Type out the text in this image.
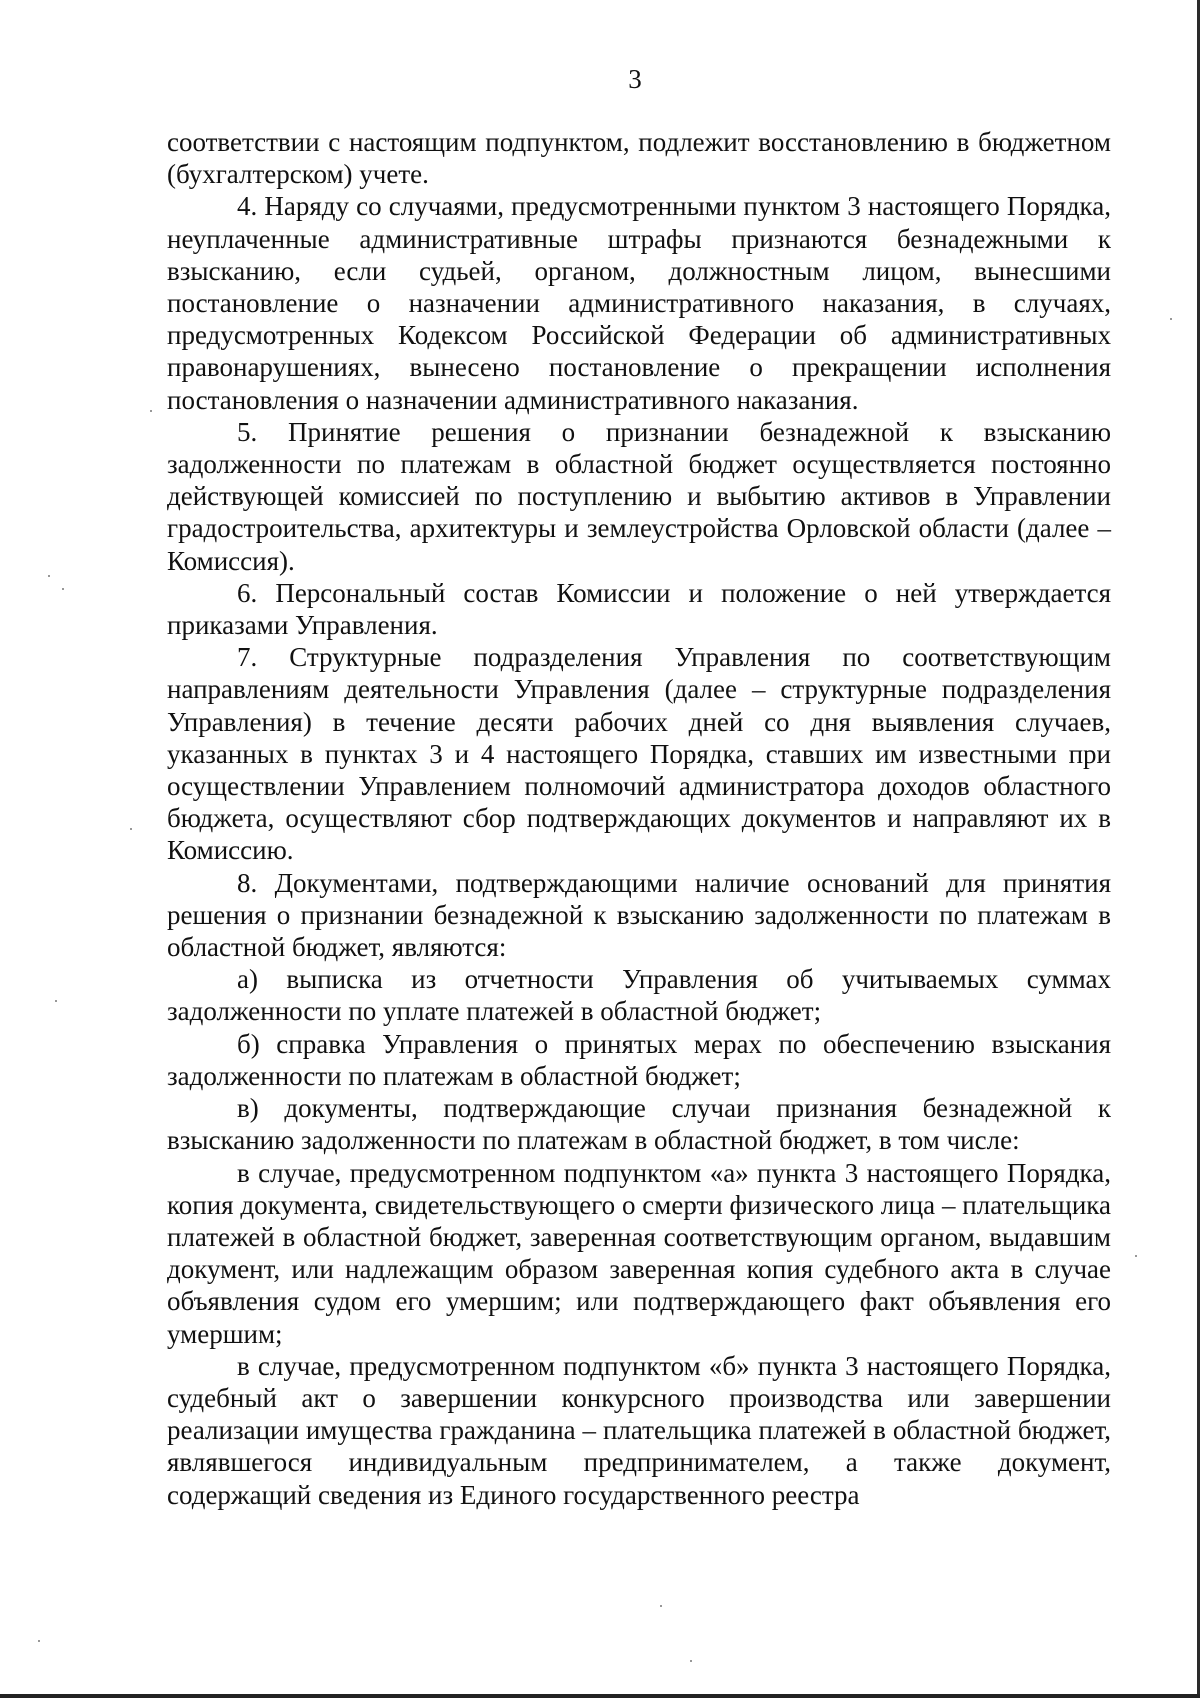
3

соответствии с настоящим подпунктом, подлежит восстановлению в бюджетном (бухгалтерском) учете.

4. Наряду со случаями, предусмотренными пунктом 3 настоящего Порядка, неуплаченные административные штрафы признаются безнадежными к взысканию, если судьей, органом, должностным лицом, вынесшими постановление о назначении административного наказания, в случаях, предусмотренных Кодексом Российской Федерации об административных правонарушениях, вынесено постановление о прекращении исполнения постановления о назначении административного наказания.

5. Принятие решения о признании безнадежной к взысканию задолженности по платежам в областной бюджет осуществляется постоянно действующей комиссией по поступлению и выбытию активов в Управлении градостроительства, архитектуры и землеустройства Орловской области (далее – Комиссия).

6. Персональный состав Комиссии и положение о ней утверждается приказами Управления.

7. Структурные подразделения Управления по соответствующим направлениям деятельности Управления (далее – структурные подразделения Управления) в течение десяти рабочих дней со дня выявления случаев, указанных в пунктах 3 и 4 настоящего Порядка, ставших им известными при осуществлении Управлением полномочий администратора доходов областного бюджета, осуществляют сбор подтверждающих документов и направляют их в Комиссию.

8. Документами, подтверждающими наличие оснований для принятия решения о признании безнадежной к взысканию задолженности по платежам в областной бюджет, являются:

а) выписка из отчетности Управления об учитываемых суммах задолженности по уплате платежей в областной бюджет;

б) справка Управления о принятых мерах по обеспечению взыскания задолженности по платежам в областной бюджет;

в) документы, подтверждающие случаи признания безнадежной к взысканию задолженности по платежам в областной бюджет, в том числе:

в случае, предусмотренном подпунктом «а» пункта 3 настоящего Порядка, копия документа, свидетельствующего о смерти физического лица – плательщика платежей в областной бюджет, заверенная соответствующим органом, выдавшим документ, или надлежащим образом заверенная копия судебного акта в случае объявления судом его умершим; или подтверждающего факт объявления его умершим;

в случае, предусмотренном подпунктом «б» пункта 3 настоящего Порядка, судебный акт о завершении конкурсного производства или завершении реализации имущества гражданина – плательщика платежей в областной бюджет, являвшегося индивидуальным предпринимателем, а также документ, содержащий сведения из Единого государственного реестра
